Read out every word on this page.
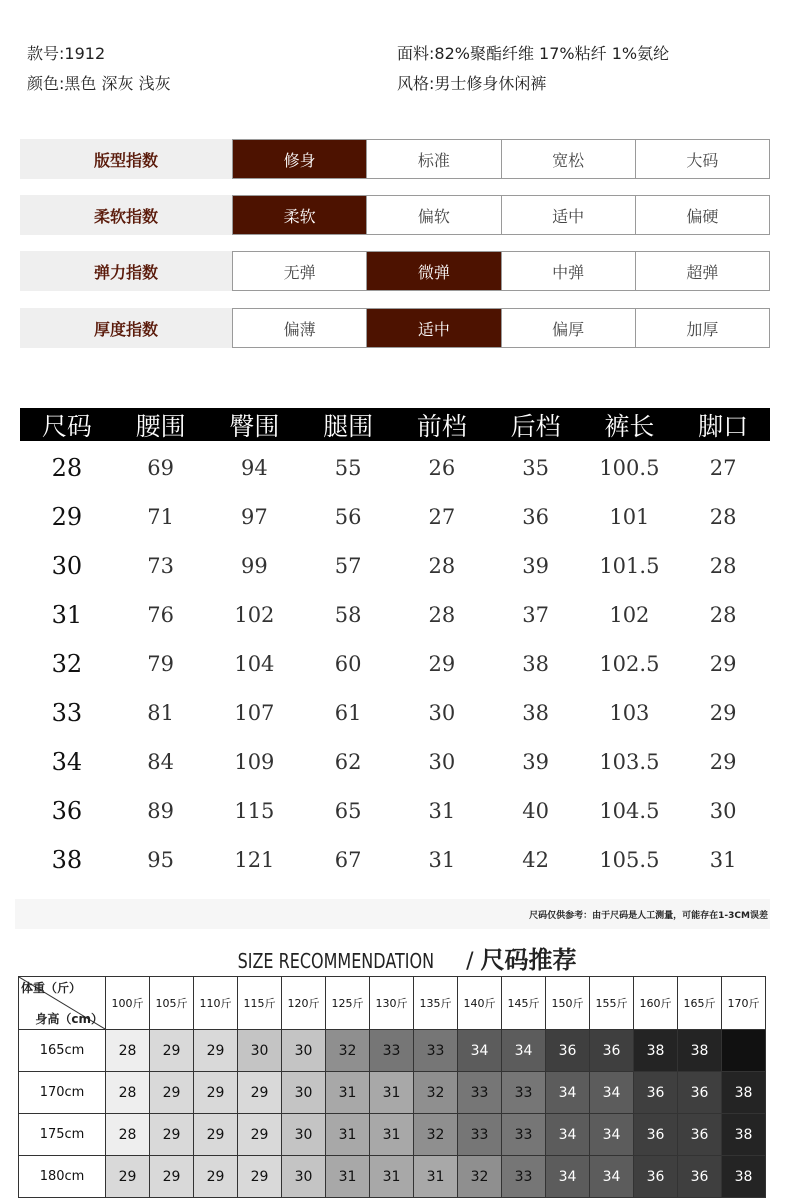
款号:1912
颜色:黑色 深灰 浅灰
面料:82%聚酯纤维 17%粘纤 1%氨纶
风格:男士修身休闲裤
版型指数	修身	标准	宽松	大码
柔软指数	柔软	偏软	适中	偏硬
弹力指数	无弹	微弹	中弹	超弹
厚度指数	偏薄	适中	偏厚	加厚
尺码	腰围	臀围	腿围	前档	后档	裤长	脚口
28	69	94	55	26	35	100.5	27
29	71	97	56	27	36	101	28
30	73	99	57	28	39	101.5	28
31	76	102	58	28	37	102	28
32	79	104	60	29	38	102.5	29
33	81	107	61	30	38	103	29
34	84	109	62	30	39	103.5	29
36	89	115	65	31	40	104.5	30
38	95	121	67	31	42	105.5	31
尺码仅供参考：由于尺码是人工测量，可能存在1-3CM误差
SIZE RECOMMENDATION / 尺码推荐
体重（斤）
身高（cm）	100斤	105斤	110斤	115斤	120斤	125斤	130斤	135斤	140斤	145斤	150斤	155斤	160斤	165斤	170斤
165cm	28	29	29	30	30	32	33	33	34	34	36	36	38	38	
170cm	28	29	29	29	30	31	31	32	33	33	34	34	36	36	38
175cm	28	29	29	29	30	31	31	32	33	33	34	34	36	36	38
180cm	29	29	29	29	30	31	31	31	32	33	34	34	36	36	38
